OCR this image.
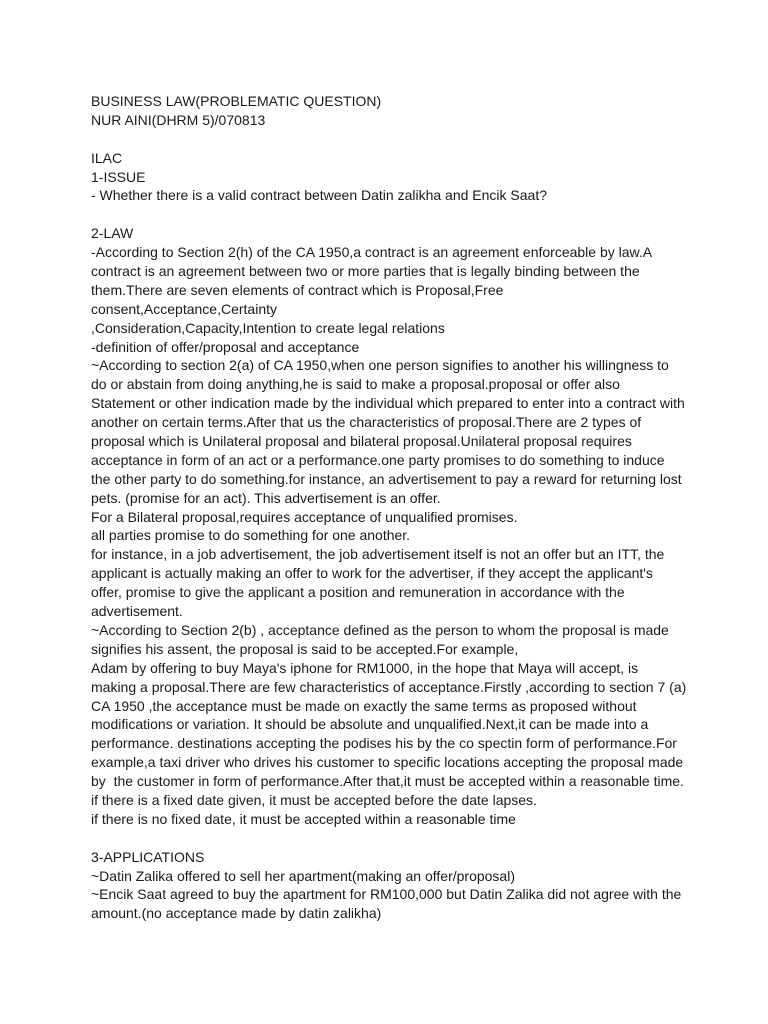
BUSINESS LAW(PROBLEMATIC QUESTION)
NUR AINI(DHRM 5)/070813
ILAC
1-ISSUE
- Whether there is a valid contract between Datin zalikha and Encik Saat?
2-LAW
-According to Section 2(h) of the CA 1950,a contract is an agreement enforceable by law.A
contract is an agreement between two or more parties that is legally binding between the
them.There are seven elements of contract which is Proposal,Free
consent,Acceptance,Certainty
,Consideration,Capacity,Intention to create legal relations
-definition of offer/proposal and acceptance
~According to section 2(a) of CA 1950,when one person signifies to another his willingness to
do or abstain from doing anything,he is said to make a proposal.proposal or offer also
Statement or other indication made by the individual which prepared to enter into a contract with
another on certain terms.After that us the characteristics of proposal.There are 2 types of
proposal which is Unilateral proposal and bilateral proposal.Unilateral proposal requires
acceptance in form of an act or a performance.one party promises to do something to induce
the other party to do something.for instance, an advertisement to pay a reward for returning lost
pets. (promise for an act). This advertisement is an offer.
For a Bilateral proposal,requires acceptance of unqualified promises.
all parties promise to do something for one another.
for instance, in a job advertisement, the job advertisement itself is not an offer but an ITT, the
applicant is actually making an offer to work for the advertiser, if they accept the applicant's
offer, promise to give the applicant a position and remuneration in accordance with the
advertisement.
~According to Section 2(b) , acceptance defined as the person to whom the proposal is made
signifies his assent, the proposal is said to be accepted.For example,
Adam by offering to buy Maya's iphone for RM1000, in the hope that Maya will accept, is
making a proposal.There are few characteristics of acceptance.Firstly ,according to section 7 (a)
CA 1950 ,the acceptance must be made on exactly the same terms as proposed without
modifications or variation. It should be absolute and unqualified.Next,it can be made into a
performance. destinations accepting the podises his by the co spectin form of performance.For
example,a taxi driver who drives his customer to specific locations accepting the proposal made
by  the customer in form of performance.After that,it must be accepted within a reasonable time.
if there is a fixed date given, it must be accepted before the date lapses.
if there is no fixed date, it must be accepted within a reasonable time
3-APPLICATIONS
~Datin Zalika offered to sell her apartment(making an offer/proposal)
~Encik Saat agreed to buy the apartment for RM100,000 but Datin Zalika did not agree with the
amount.(no acceptance made by datin zalikha)
